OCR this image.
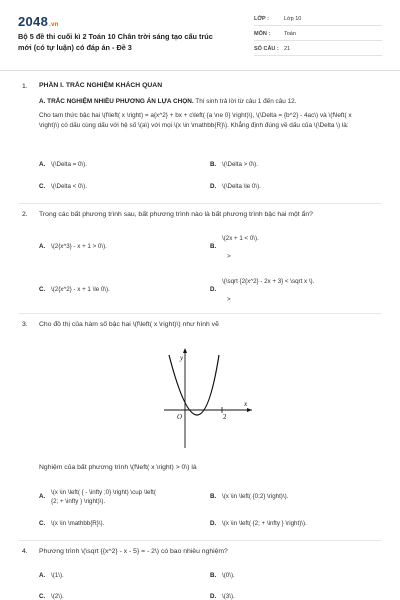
2048.vn
Bộ 5 đề thi cuối kì 2 Toán 10 Chân trời sáng tạo cấu trúc mới (có tự luận) có đáp án - Đề 3
LỚP :	Lớp 10
MÔN :	Toán
SỐ CÂU : 21
1. PHẦN I. TRẮC NGHIỆM KHÁCH QUAN
A. TRẮC NGHIỆM NHIỀU PHƯƠNG ÁN LỰA CHỌN. Thí sinh trả lời từ câu 1 đến câu 12.
Cho tam thức bậc hai \(f\left( x \right) = a{x^2} + bx + c\left( {a \ne 0} \right)\), \(\Delta = {b^2} - 4ac\) và \(f\left( x \right)\) có dấu cùng dấu với hệ số \(a\) với mọi \(x \in \mathbb{R}\). Khẳng định đúng về dấu của \(\Delta \) là:
A. \(\Delta = 0\).	B. \(\Delta > 0\).
C. \(\Delta < 0\).	D. \(\Delta \le 0\).
2. Trong các bất phương trình sau, bất phương trình nào là bất phương trình bậc hai một ẩn?
A. \(2{x^3} - x + 1 > 0\).	B.
\(2x + 1 < 0\).
>
C. \(2{x^2} - x + 1 \le 0\).	D.
\(\sqrt {2{x^2} - 2x + 3} < \sqrt x \).
>
3. Cho đồ thị của hàm số bậc hai \(f\left( x \right)\) như hình vẽ
y
x
O	2
Nghiệm của bất phương trình \(f\left( x \right) > 0\) là
A.
\(x \in \left( { - \infty ;0} \right) \cup \left(
{2; + \infty } \right)\).
B. \(x \in \left( {0;2} \right)\).
C. \(x \in \mathbb{R}\).	D. \(x \in \left( {2; + \infty } \right)\).
4. Phương trình \(\sqrt {{x^2} - x - 5} = - 2\) có bao nhiêu nghiệm?
A. \(1\).	B. \(0\).
C. \(2\).	D. \(3\).
